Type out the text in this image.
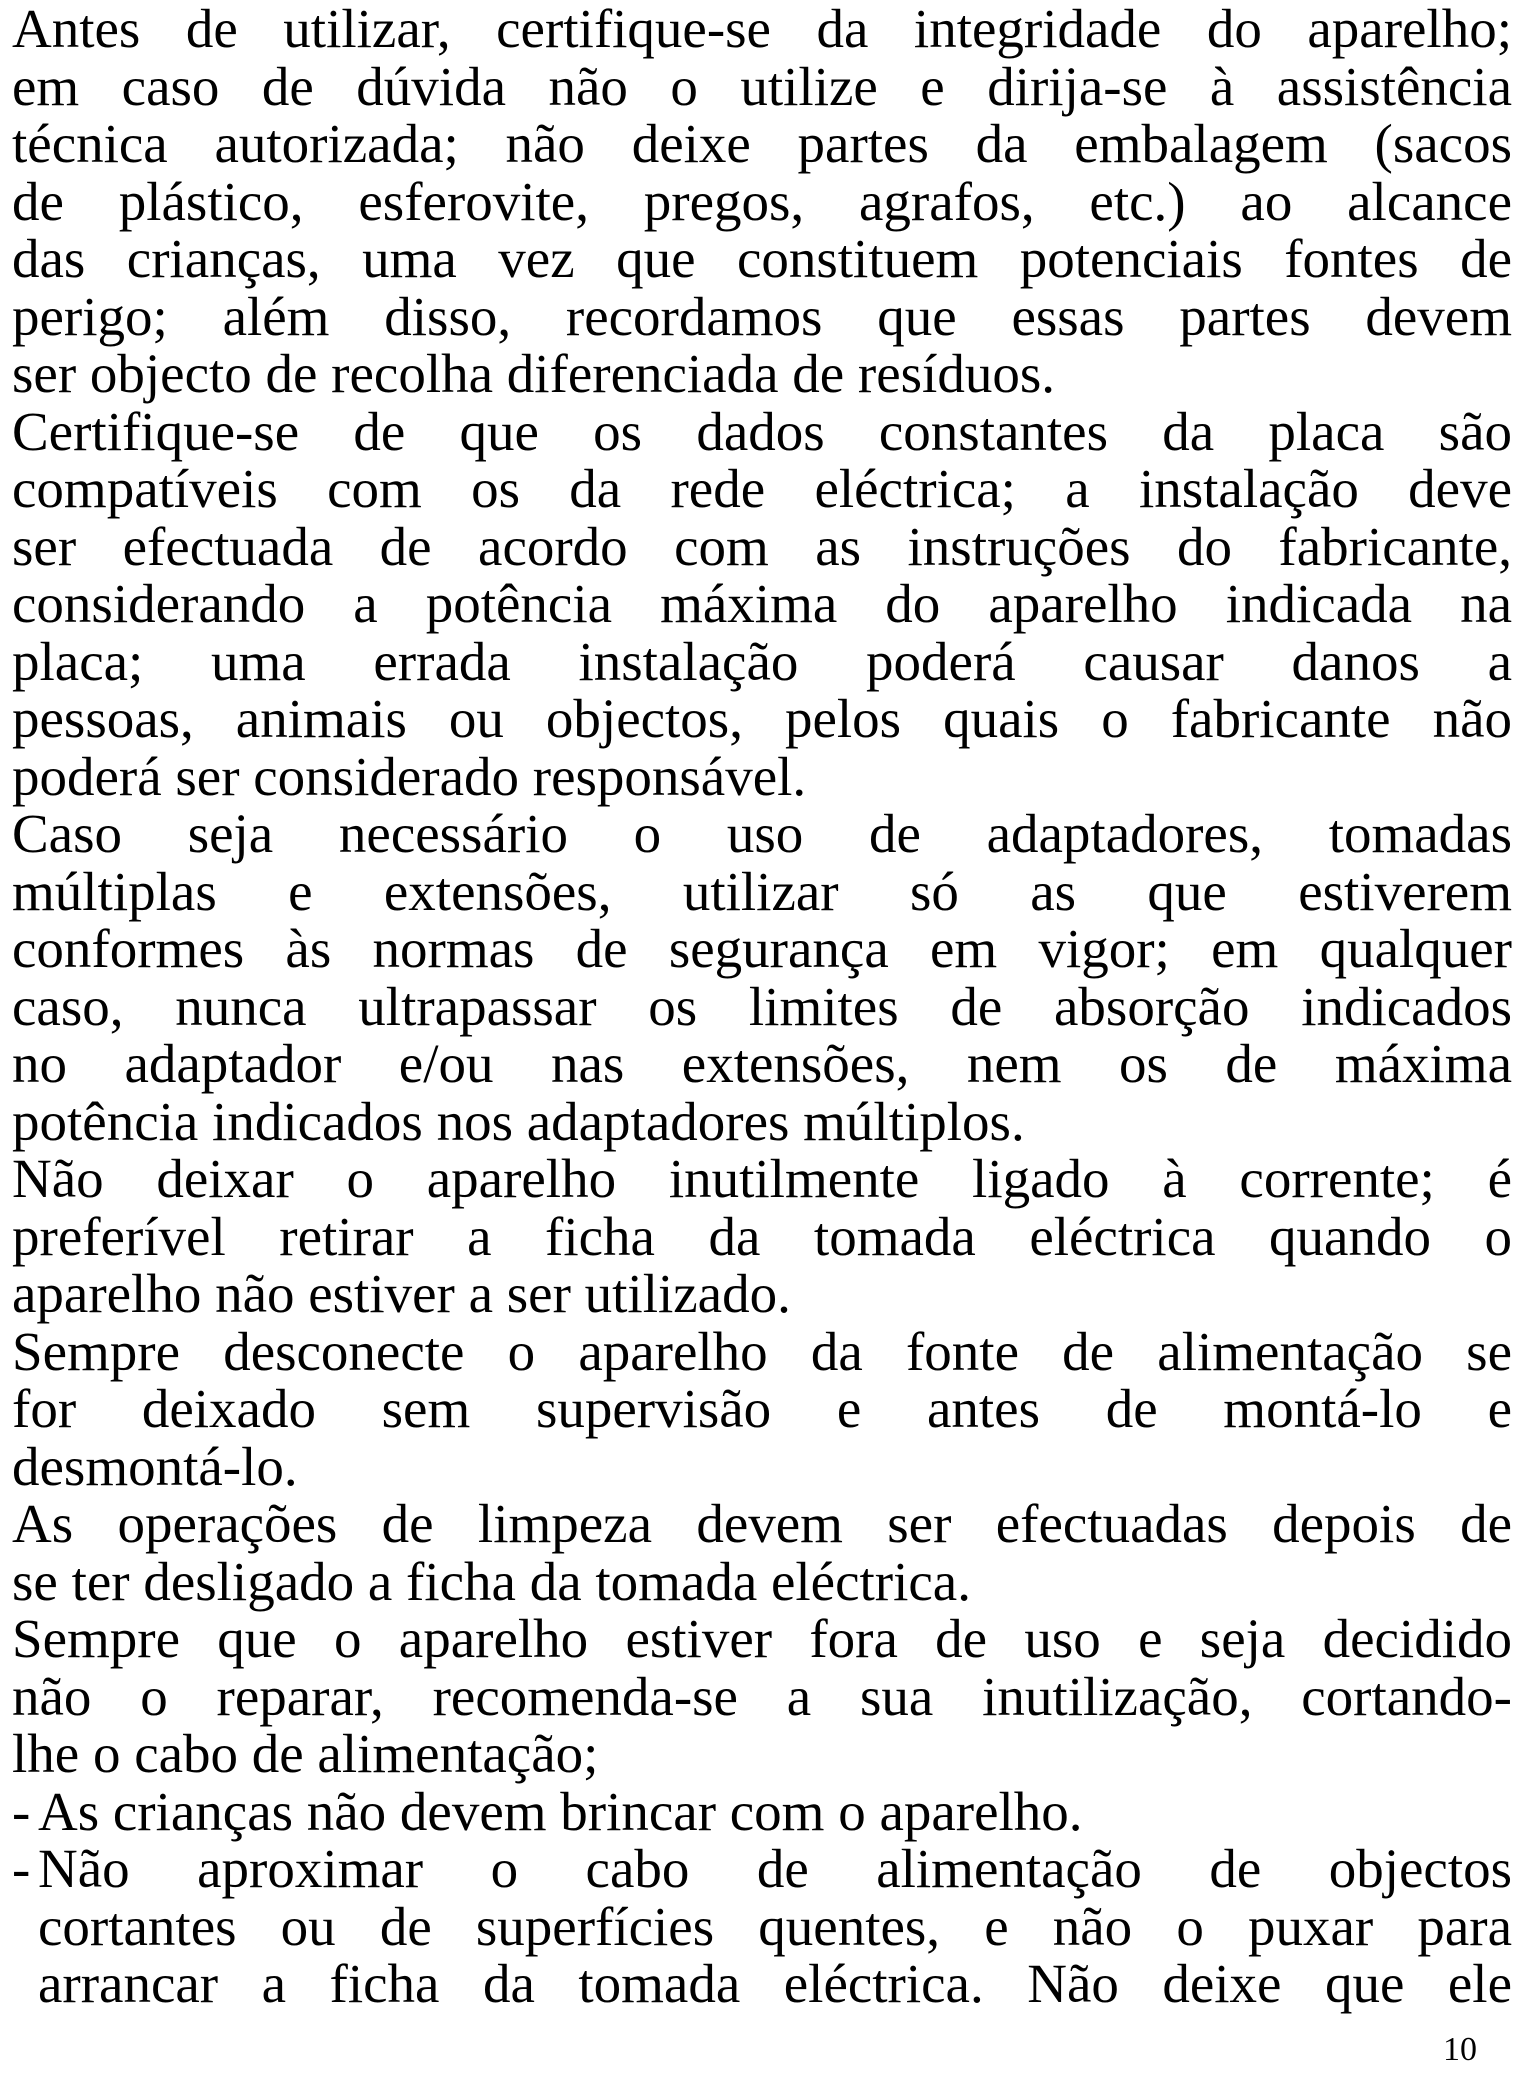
Antes de utilizar, certifique-se da integridade do aparelho;
em caso de dúvida não o utilize e dirija-se à assistência
técnica autorizada; não deixe partes da embalagem (sacos
de plástico, esferovite, pregos, agrafos, etc.) ao alcance
das crianças, uma vez que constituem potenciais fontes de
perigo; além disso, recordamos que essas partes devem
ser objecto de recolha diferenciada de resíduos.
Certifique-se de que os dados constantes da placa são
compatíveis com os da rede eléctrica; a instalação deve
ser efectuada de acordo com as instruções do fabricante,
considerando a potência máxima do aparelho indicada na
placa; uma errada instalação poderá causar danos a
pessoas, animais ou objectos, pelos quais o fabricante não
poderá ser considerado responsável.
Caso seja necessário o uso de adaptadores, tomadas
múltiplas e extensões, utilizar só as que estiverem
conformes às normas de segurança em vigor; em qualquer
caso, nunca ultrapassar os limites de absorção indicados
no adaptador e/ou nas extensões, nem os de máxima
potência indicados nos adaptadores múltiplos.
Não deixar o aparelho inutilmente ligado à corrente; é
preferível retirar a ficha da tomada eléctrica quando o
aparelho não estiver a ser utilizado.
Sempre desconecte o aparelho da fonte de alimentação se
for deixado sem supervisão e antes de montá-lo e
desmontá-lo.
As operações de limpeza devem ser efectuadas depois de
se ter desligado a ficha da tomada eléctrica.
Sempre que o aparelho estiver fora de uso e seja decidido
não o reparar, recomenda-se a sua inutilização, cortando-
lhe o cabo de alimentação;
- As crianças não devem brincar com o aparelho.
- Não aproximar o cabo de alimentação de objectos
cortantes ou de superfícies quentes, e não o puxar para
arrancar a ficha da tomada eléctrica. Não deixe que ele
10
